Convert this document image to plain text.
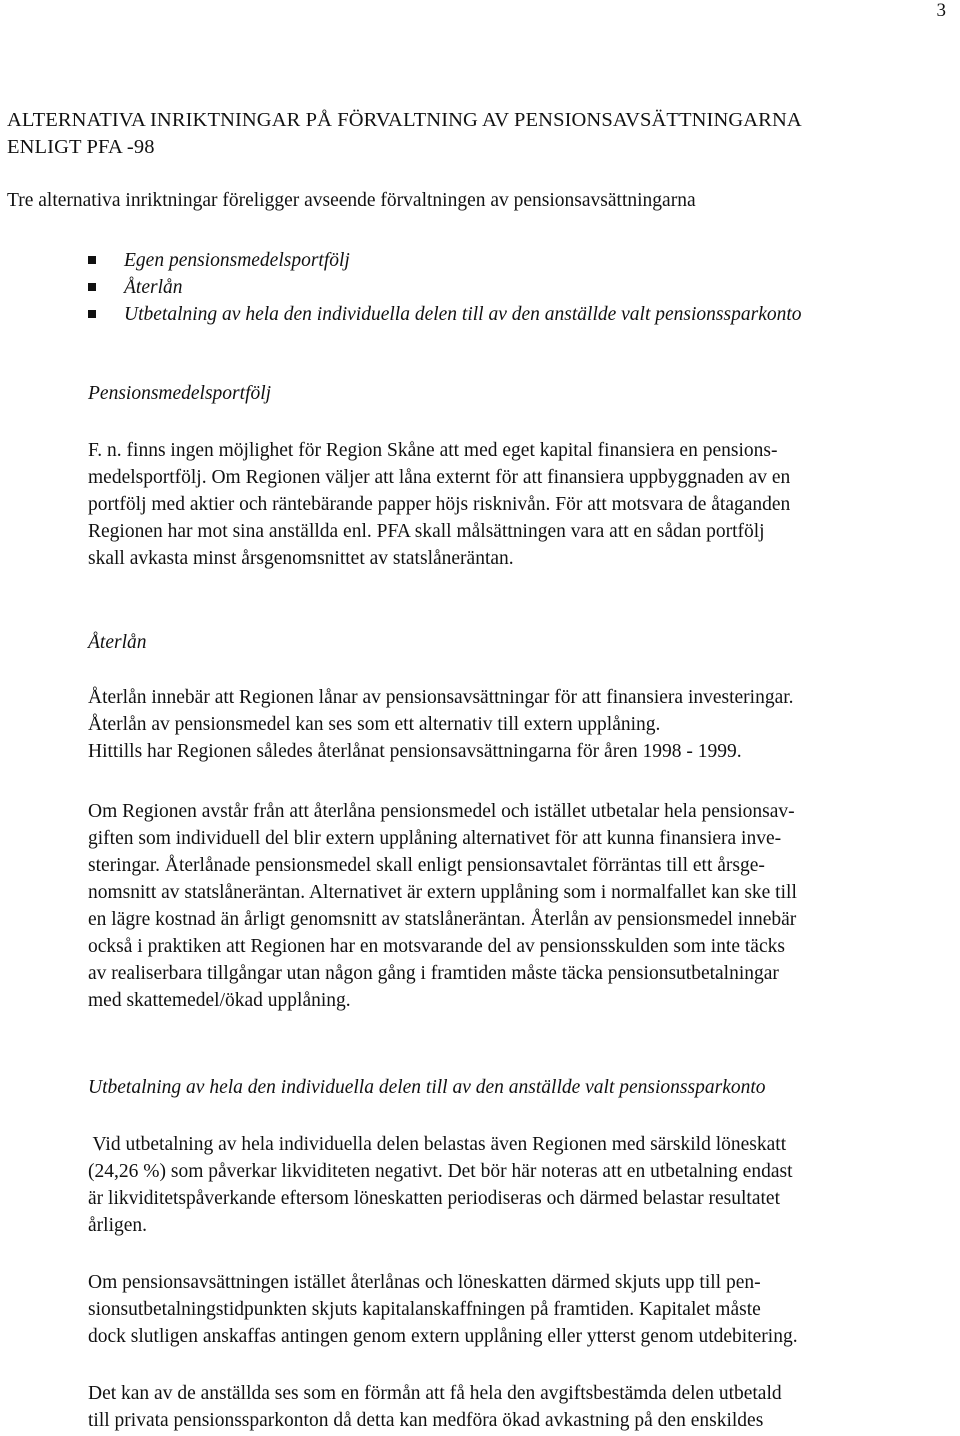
3
ALTERNATIVA INRIKTNINGAR PÅ FÖRVALTNING AV PENSIONSAVSÄTTNINGARNA
ENLIGT PFA -98
Tre alternativa inriktningar föreligger avseende förvaltningen av pensionsavsättningarna
Egen pensionsmedelsportfölj
Återlån
Utbetalning av hela den individuella delen till av den anställde valt pensionssparkonto
Pensionsmedelsportfölj
F. n. finns ingen möjlighet för Region Skåne att med eget kapital finansiera en pensions-
medelsportfölj. Om Regionen väljer att låna externt för att finansiera uppbyggnaden av en
portfölj med aktier och räntebärande papper höjs risknivån. För att motsvara de åtaganden
Regionen har mot sina anställda enl. PFA skall målsättningen vara att en sådan portfölj
skall avkasta minst årsgenomsnittet av statslåneräntan.
Återlån
Återlån innebär att Regionen lånar av pensionsavsättningar för att finansiera investeringar.
Återlån av pensionsmedel kan ses som ett alternativ till extern upplåning.
Hittills har Regionen således återlånat pensionsavsättningarna för åren 1998 - 1999.
Om Regionen avstår från att återlåna pensionsmedel och istället utbetalar hela pensionsav-
giften som individuell del blir extern upplåning alternativet för att kunna finansiera inve-
steringar. Återlånade pensionsmedel skall enligt pensionsavtalet förräntas till ett årsge-
nomsnitt av statslåneräntan. Alternativet är extern upplåning som i normalfallet kan ske till
en lägre kostnad än årligt genomsnitt av statslåneräntan. Återlån av pensionsmedel innebär
också i praktiken att Regionen har en motsvarande del av pensionsskulden som inte täcks
av realiserbara tillgångar utan någon gång i framtiden måste täcka pensionsutbetalningar
med skattemedel/ökad upplåning.
Utbetalning av hela den individuella delen till av den anställde valt pensionssparkonto
Vid utbetalning av hela individuella delen belastas även Regionen med särskild löneskatt
(24,26 %) som påverkar likviditeten negativt. Det bör här noteras att en utbetalning endast
är likviditetspåverkande eftersom löneskatten periodiseras och därmed belastar resultatet
årligen.
Om pensionsavsättningen istället återlånas och löneskatten därmed skjuts upp till pen-
sionsutbetalningstidpunkten skjuts kapitalanskaffningen på framtiden. Kapitalet måste
dock slutligen anskaffas antingen genom extern upplåning eller ytterst genom utdebitering.
Det kan av de anställda ses som en förmån att få hela den avgiftsbestämda delen utbetald
till privata pensionssparkonton då detta kan medföra ökad avkastning på den enskildes
